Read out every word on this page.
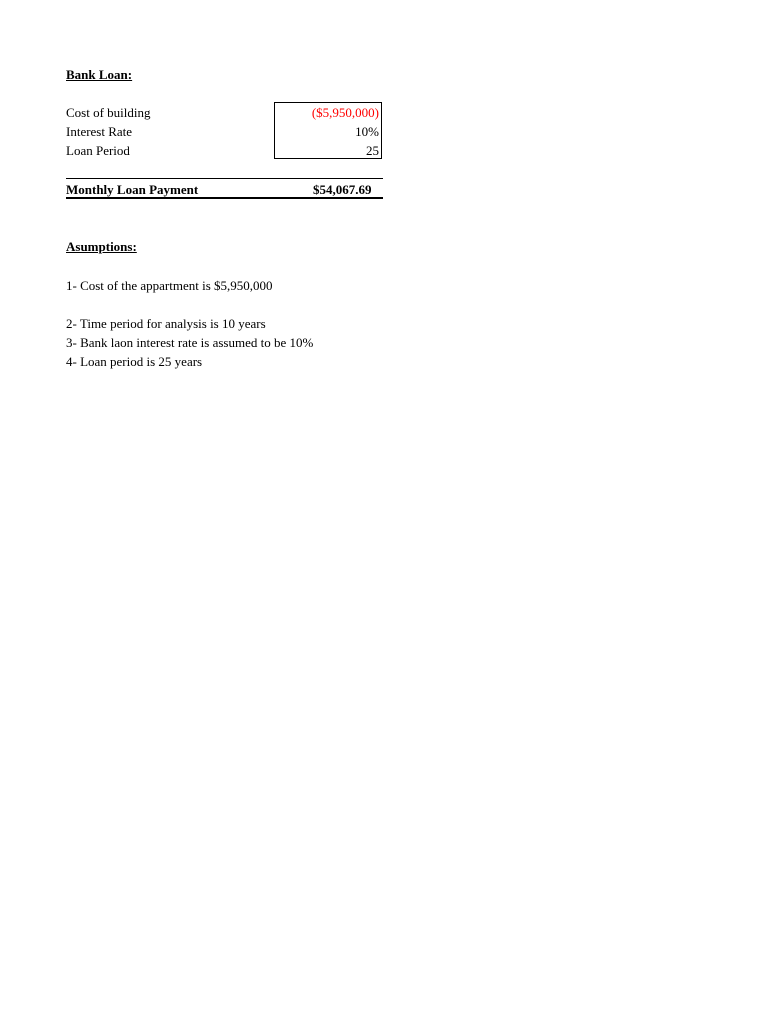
Bank Loan:
Cost of building
Interest Rate
Loan Period
($5,950,000)
10%
25
Monthly Loan Payment	$54,067.69
Asumptions:
1- Cost of the appartment is $5,950,000
2- Time period for analysis is 10 years
3- Bank laon interest rate is assumed to be 10%
4- Loan period is 25 years
